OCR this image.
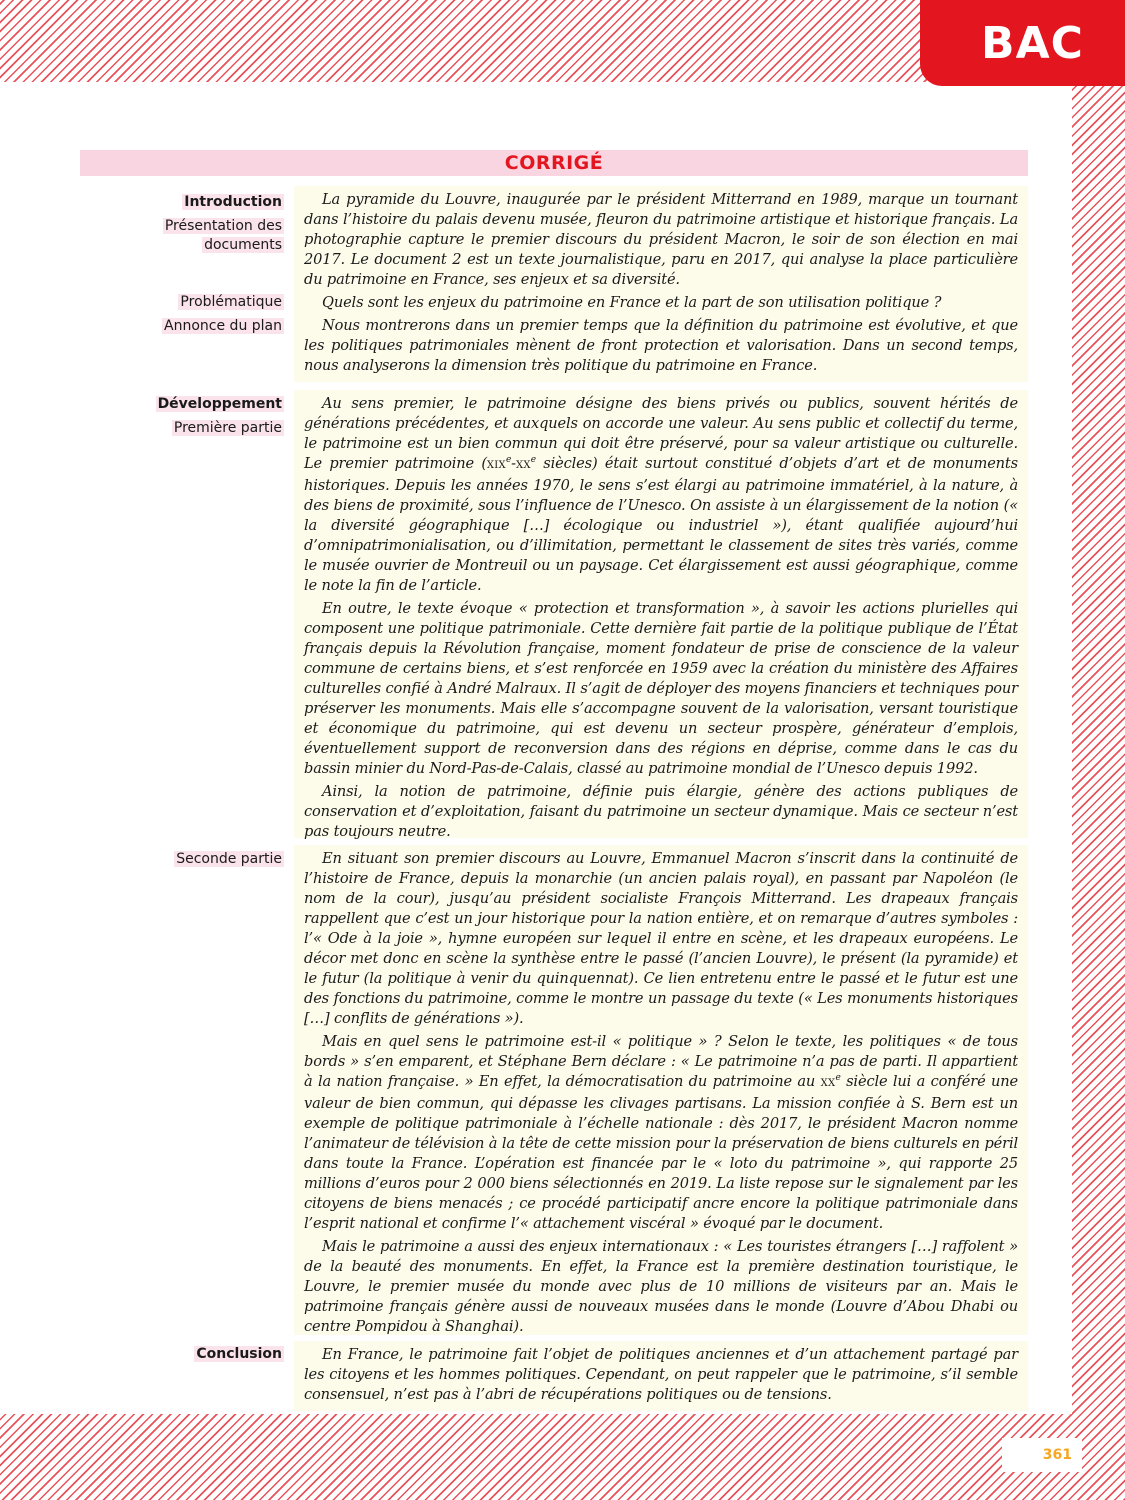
BAC
CORRIGÉ
Introduction
Présentation des documents
Problématique
Annonce du plan
Développement
Première partie
Seconde partie
Conclusion

La pyramide du Louvre, inaugurée par le président Mitterrand en 1989, marque un tournant dans l’histoire du palais devenu musée, fleuron du patrimoine artistique et historique français. La photographie capture le premier discours du président Macron, le soir de son élection en mai 2017. Le document 2 est un texte journalistique, paru en 2017, qui analyse la place particulière du patrimoine en France, ses enjeux et sa diversité.

Quels sont les enjeux du patrimoine en France et la part de son utilisation politique ?

Nous montrerons dans un premier temps que la définition du patrimoine est évolutive, et que les politiques patrimoniales mènent de front protection et valorisation. Dans un second temps, nous analyserons la dimension très politique du patrimoine en France.

Au sens premier, le patrimoine désigne des biens privés ou publics, souvent hérités de générations précédentes, et auxquels on accorde une valeur. Au sens public et collectif du terme, le patrimoine est un bien commun qui doit être préservé, pour sa valeur artistique ou culturelle. Le premier patrimoine (XIXe-XXe siècles) était surtout constitué d’objets d’art et de monuments historiques. Depuis les années 1970, le sens s’est élargi au patrimoine immatériel, à la nature, à des biens de proximité, sous l’influence de l’Unesco. On assiste à un élargissement de la notion (« la diversité géographique […] écologique ou industriel »), étant qualifiée aujourd’hui d’omnipatrimonialisation, ou d’illimitation, permettant le classement de sites très variés, comme le musée ouvrier de Montreuil ou un paysage. Cet élargissement est aussi géographique, comme le note la fin de l’article.

En outre, le texte évoque « protection et transformation », à savoir les actions plurielles qui composent une politique patrimoniale. Cette dernière fait partie de la politique publique de l’État français depuis la Révolution française, moment fondateur de prise de conscience de la valeur commune de certains biens, et s’est renforcée en 1959 avec la création du ministère des Affaires culturelles confié à André Malraux. Il s’agit de déployer des moyens financiers et techniques pour préserver les monuments. Mais elle s’accompagne souvent de la valorisation, versant touristique et économique du patrimoine, qui est devenu un secteur prospère, générateur d’emplois, éventuellement support de reconversion dans des régions en déprise, comme dans le cas du bassin minier du Nord-Pas-de-Calais, classé au patrimoine mondial de l’Unesco depuis 1992.

Ainsi, la notion de patrimoine, définie puis élargie, génère des actions publiques de conservation et d’exploitation, faisant du patrimoine un secteur dynamique. Mais ce secteur n’est pas toujours neutre.

En situant son premier discours au Louvre, Emmanuel Macron s’inscrit dans la continuité de l’histoire de France, depuis la monarchie (un ancien palais royal), en passant par Napoléon (le nom de la cour), jusqu’au président socialiste François Mitterrand. Les drapeaux français rappellent que c’est un jour historique pour la nation entière, et on remarque d’autres symboles : l’« Ode à la joie », hymne européen sur lequel il entre en scène, et les drapeaux européens. Le décor met donc en scène la synthèse entre le passé (l’ancien Louvre), le présent (la pyramide) et le futur (la politique à venir du quinquennat). Ce lien entretenu entre le passé et le futur est une des fonctions du patrimoine, comme le montre un passage du texte (« Les monuments historiques […] conflits de générations »).

Mais en quel sens le patrimoine est-il « politique » ? Selon le texte, les politiques « de tous bords » s’en emparent, et Stéphane Bern déclare : « Le patrimoine n’a pas de parti. Il appartient à la nation française. » En effet, la démocratisation du patrimoine au XXe siècle lui a conféré une valeur de bien commun, qui dépasse les clivages partisans. La mission confiée à S. Bern est un exemple de politique patrimoniale à l’échelle nationale : dès 2017, le président Macron nomme l’animateur de télévision à la tête de cette mission pour la préservation de biens culturels en péril dans toute la France. L’opération est financée par le « loto du patrimoine », qui rapporte 25 millions d’euros pour 2 000 biens sélectionnés en 2019. La liste repose sur le signalement par les citoyens de biens menacés ; ce procédé participatif ancre encore la politique patrimoniale dans l’esprit national et confirme l’« attachement viscéral » évoqué par le document.

Mais le patrimoine a aussi des enjeux internationaux : « Les touristes étrangers […] raffolent » de la beauté des monuments. En effet, la France est la première destination touristique, le Louvre, le premier musée du monde avec plus de 10 millions de visiteurs par an. Mais le patrimoine français génère aussi de nouveaux musées dans le monde (Louvre d’Abou Dhabi ou centre Pompidou à Shanghai).

En France, le patrimoine fait l’objet de politiques anciennes et d’un attachement partagé par les citoyens et les hommes politiques. Cependant, on peut rappeler que le patrimoine, s’il semble consensuel, n’est pas à l’abri de récupérations politiques ou de tensions.

361
